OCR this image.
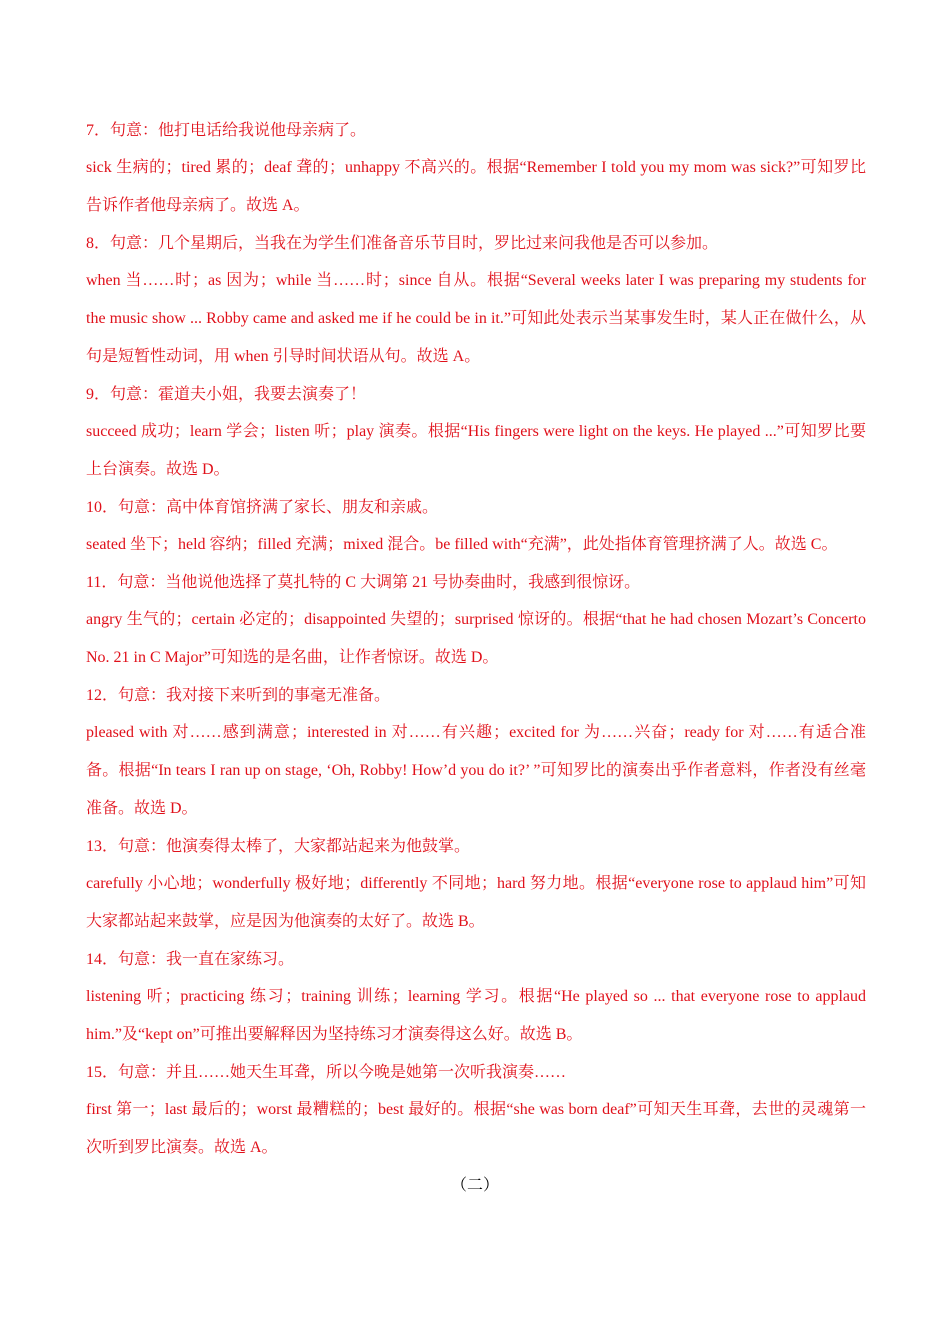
7．句意：他打电话给我说他母亲病了。

sick 生病的；tired 累的；deaf 聋的；unhappy 不高兴的。根据“Remember I told you my mom was sick?”可知罗比告诉作者他母亲病了。故选 A。

8．句意：几个星期后，当我在为学生们准备音乐节目时，罗比过来问我他是否可以参加。

when 当……时；as 因为；while 当……时；since 自从。根据“Several weeks later I was preparing my students for the music show ... Robby came and asked me if he could be in it.”可知此处表示当某事发生时，某人正在做什么，从句是短暂性动词，用 when 引导时间状语从句。故选 A。

9．句意：霍道夫小姐，我要去演奏了！

succeed 成功；learn 学会；listen 听；play 演奏。根据“His fingers were light on the keys. He played ...”可知罗比要上台演奏。故选 D。

10．句意：高中体育馆挤满了家长、朋友和亲戚。

seated 坐下；held 容纳；filled 充满；mixed 混合。be filled with“充满”，此处指体育管理挤满了人。故选 C。

11．句意：当他说他选择了莫扎特的 C 大调第 21 号协奏曲时，我感到很惊讶。

angry 生气的；certain 必定的；disappointed 失望的；surprised 惊讶的。根据“that he had chosen Mozart’s Concerto No. 21 in C Major”可知选的是名曲，让作者惊讶。故选 D。

12．句意：我对接下来听到的事毫无准备。

pleased with 对……感到满意；interested in 对……有兴趣；excited for 为……兴奋；ready for 对……有适合准备。根据“In tears I ran up on stage, ‘Oh, Robby! How’d you do it?’ ”可知罗比的演奏出乎作者意料，作者没有丝毫准备。故选 D。

13．句意：他演奏得太棒了，大家都站起来为他鼓掌。

carefully 小心地；wonderfully 极好地；differently 不同地；hard 努力地。根据“everyone rose to applaud him”可知大家都站起来鼓掌，应是因为他演奏的太好了。故选 B。

14．句意：我一直在家练习。

listening 听；practicing 练习；training 训练；learning 学习。根据“He played so ... that everyone rose to applaud him.”及“kept on”可推出要解释因为坚持练习才演奏得这么好。故选 B。

15．句意：并且……她天生耳聋，所以今晚是她第一次听我演奏……

first 第一；last 最后的；worst 最糟糕的；best 最好的。根据“she was born deaf”可知天生耳聋，去世的灵魂第一次听到罗比演奏。故选 A。

（二）
